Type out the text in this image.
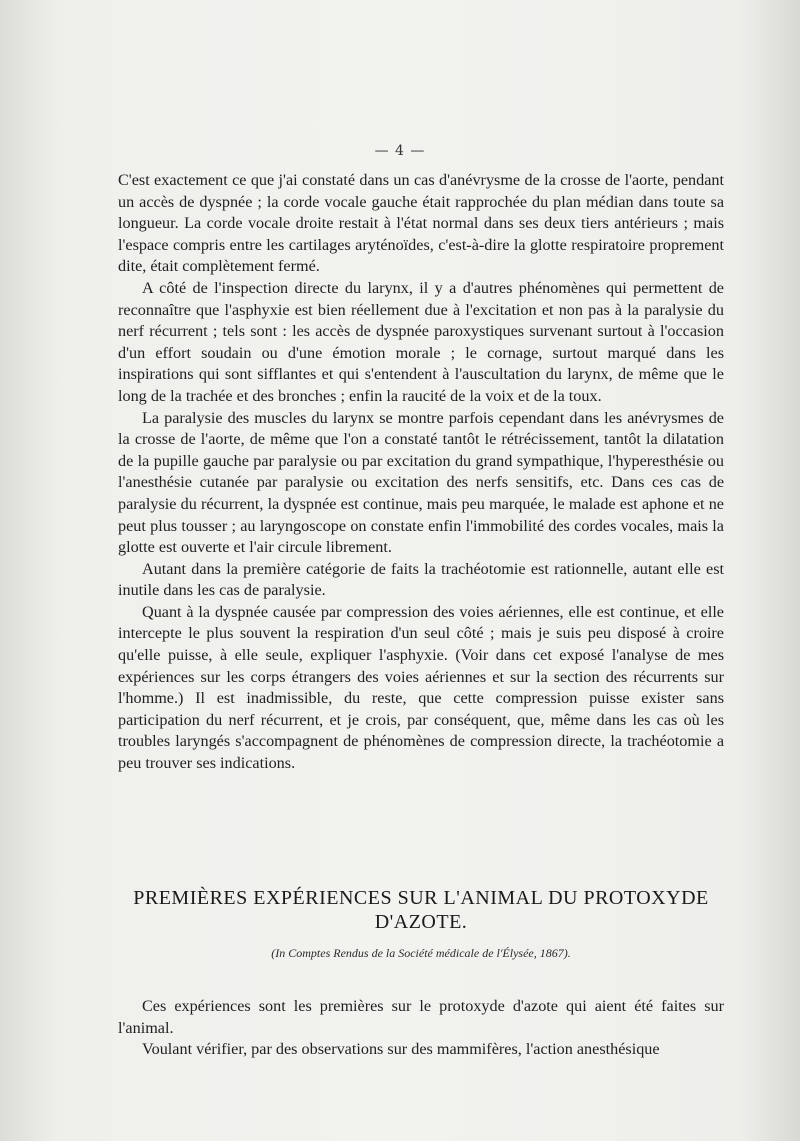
— 4 —

C'est exactement ce que j'ai constaté dans un cas d'anévrysme de la crosse de l'aorte, pendant un accès de dyspnée ; la corde vocale gauche était rapprochée du plan médian dans toute sa longueur. La corde vocale droite restait à l'état normal dans ses deux tiers antérieurs ; mais l'espace compris entre les cartilages aryténoïdes, c'est-à-dire la glotte respiratoire proprement dite, était complètement fermé.

A côté de l'inspection directe du larynx, il y a d'autres phénomènes qui permettent de reconnaître que l'asphyxie est bien réellement due à l'excitation et non pas à la paralysie du nerf récurrent ; tels sont : les accès de dyspnée paroxystiques survenant surtout à l'occasion d'un effort soudain ou d'une émotion morale ; le cornage, surtout marqué dans les inspirations qui sont sifflantes et qui s'entendent à l'auscultation du larynx, de même que le long de la trachée et des bronches ; enfin la raucité de la voix et de la toux.

La paralysie des muscles du larynx se montre parfois cependant dans les anévrysmes de la crosse de l'aorte, de même que l'on a constaté tantôt le rétrécissement, tantôt la dilatation de la pupille gauche par paralysie ou par excitation du grand sympathique, l'hyperesthésie ou l'anesthésie cutanée par paralysie ou excitation des nerfs sensitifs, etc. Dans ces cas de paralysie du récurrent, la dyspnée est continue, mais peu marquée, le malade est aphone et ne peut plus tousser ; au laryngoscope on constate enfin l'immobilité des cordes vocales, mais la glotte est ouverte et l'air circule librement.

Autant dans la première catégorie de faits la trachéotomie est rationnelle, autant elle est inutile dans les cas de paralysie.

Quant à la dyspnée causée par compression des voies aériennes, elle est continue, et elle intercepte le plus souvent la respiration d'un seul côté ; mais je suis peu disposé à croire qu'elle puisse, à elle seule, expliquer l'asphyxie. (Voir dans cet exposé l'analyse de mes expériences sur les corps étrangers des voies aériennes et sur la section des récurrents sur l'homme.) Il est inadmissible, du reste, que cette compression puisse exister sans participation du nerf récurrent, et je crois, par conséquent, que, même dans les cas où les troubles laryngés s'accompagnent de phénomènes de compression directe, la trachéotomie a peu trouver ses indications.

PREMIÈRES EXPÉRIENCES SUR L'ANIMAL DU PROTOXYDE D'AZOTE.
(In Comptes Rendus de la Société médicale de l'Élysée, 1867).

Ces expériences sont les premières sur le protoxyde d'azote qui aient été faites sur l'animal.

Voulant vérifier, par des observations sur des mammifères, l'action anesthésique
